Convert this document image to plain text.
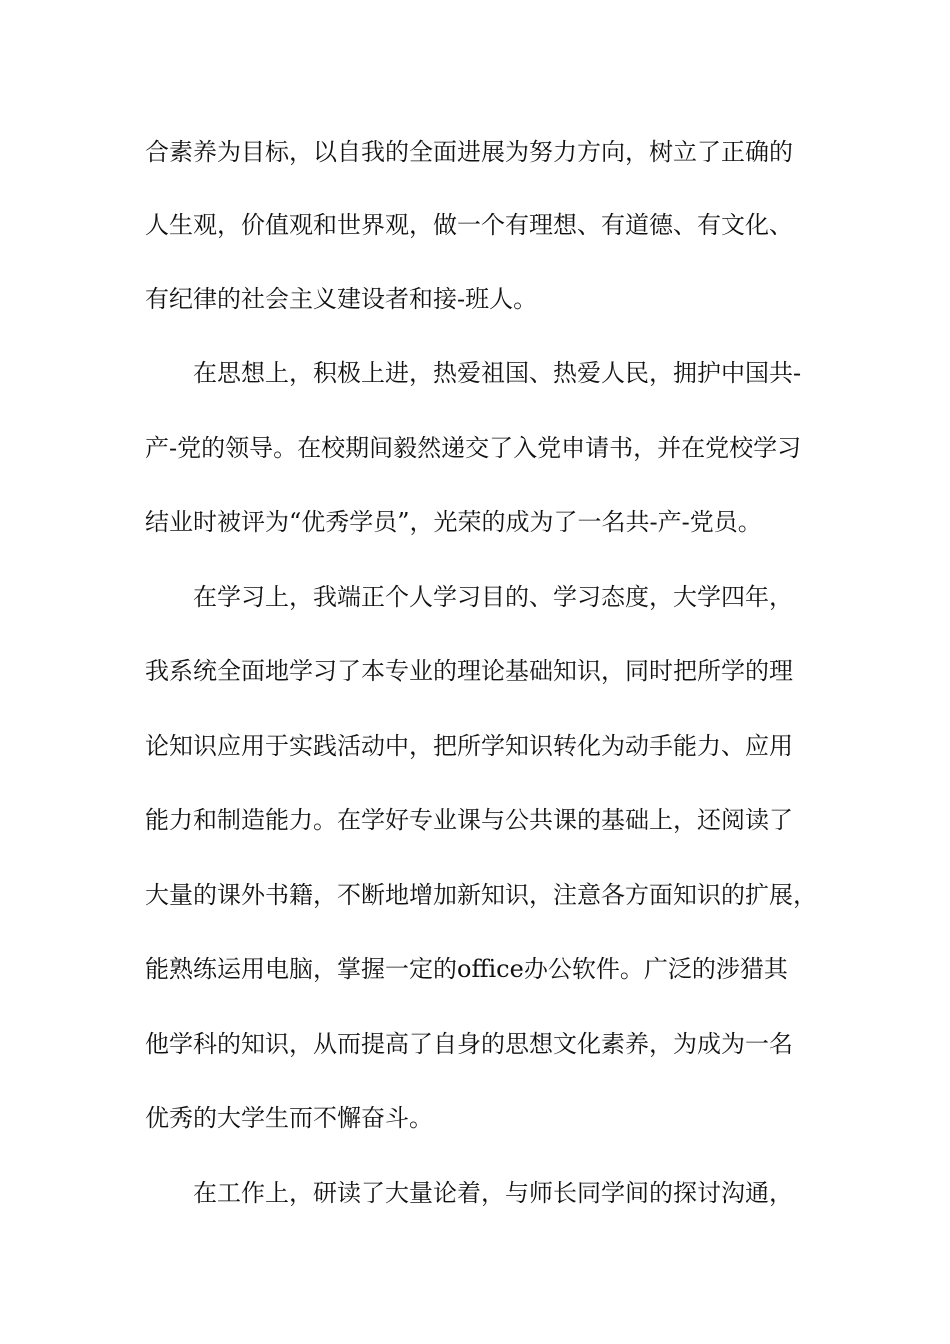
合素养为目标，以自我的全面进展为努力方向，树立了正确的

人生观，价值观和世界观，做一个有理想、有道德、有文化、

有纪律的社会主义建设者和接-班人。

在思想上，积极上进，热爱祖国、热爱人民，拥护中国共-

产-党的领导。在校期间毅然递交了入党申请书，并在党校学习

结业时被评为“优秀学员”，光荣的成为了一名共-产-党员。

在学习上，我端正个人学习目的、学习态度，大学四年，

我系统全面地学习了本专业的理论基础知识，同时把所学的理

论知识应用于实践活动中，把所学知识转化为动手能力、应用

能力和制造能力。在学好专业课与公共课的基础上，还阅读了

大量的课外书籍，不断地增加新知识，注意各方面知识的扩展，

能熟练运用电脑，掌握一定的office办公软件。广泛的涉猎其

他学科的知识，从而提高了自身的思想文化素养，为成为一名

优秀的大学生而不懈奋斗。

在工作上，研读了大量论着，与师长同学间的探讨沟通，
